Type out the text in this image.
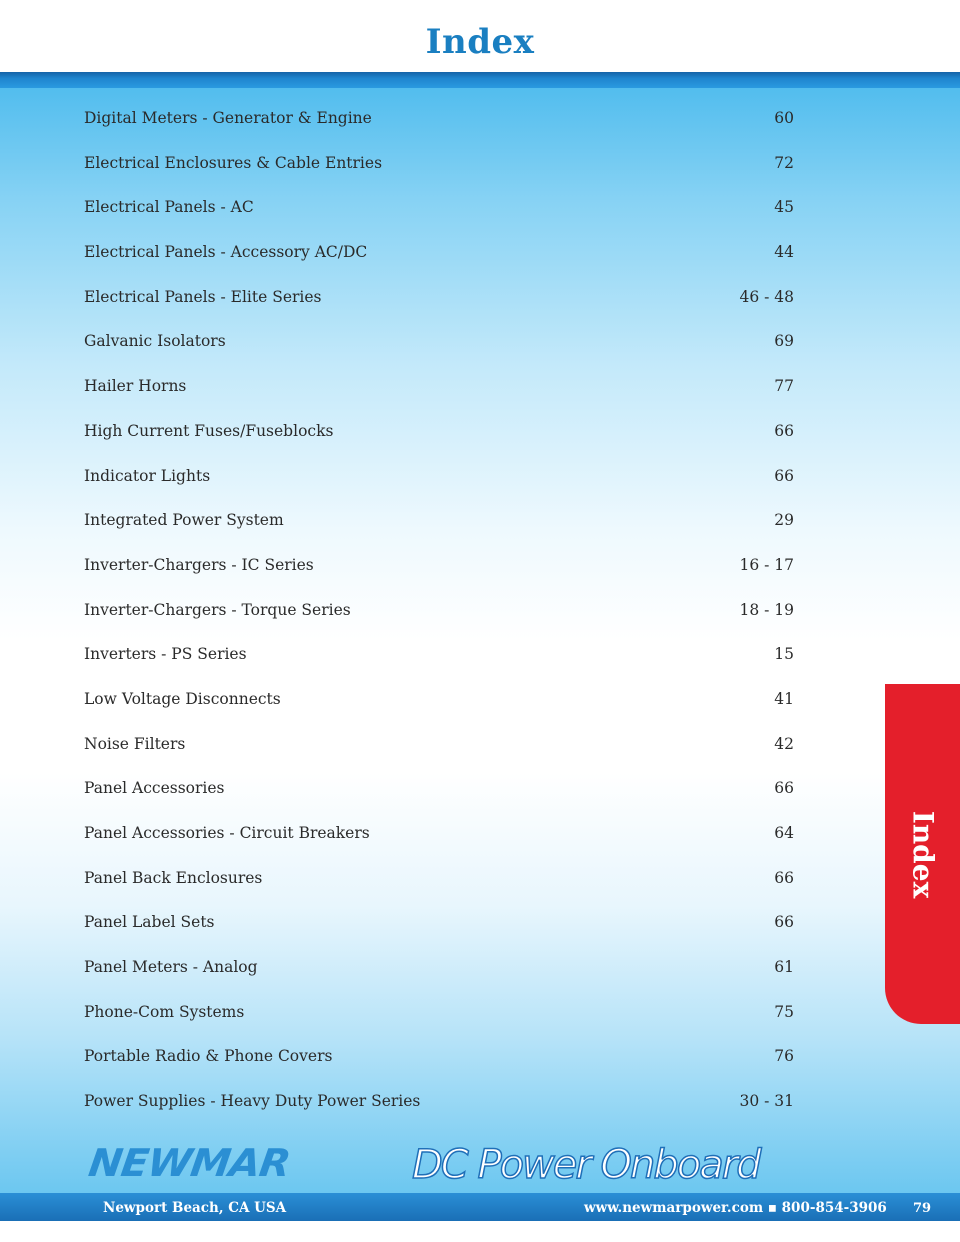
Index
Digital Meters - Generator & Engine	60
Electrical Enclosures & Cable Entries	72
Electrical Panels - AC	45
Electrical Panels - Accessory AC/DC	44
Electrical Panels - Elite Series	46 - 48
Galvanic Isolators	69
Hailer Horns	77
High Current Fuses/Fuseblocks	66
Indicator Lights	66
Integrated Power System	29
Inverter-Chargers - IC Series	16 - 17
Inverter-Chargers - Torque Series	18 - 19
Inverters - PS Series	15
Low Voltage Disconnects	41
Noise Filters	42
Panel Accessories	66
Panel Accessories - Circuit Breakers	64
Panel Back Enclosures	66
Panel Label Sets	66
Panel Meters - Analog	61
Phone-Com Systems	75
Portable Radio & Phone Covers	76
Power Supplies - Heavy Duty Power Series	30 - 31
Index
NEWMAR	DC Power Onboard
Newport Beach, CA USA	www.newmarpower.com ▪ 800-854-3906 79
